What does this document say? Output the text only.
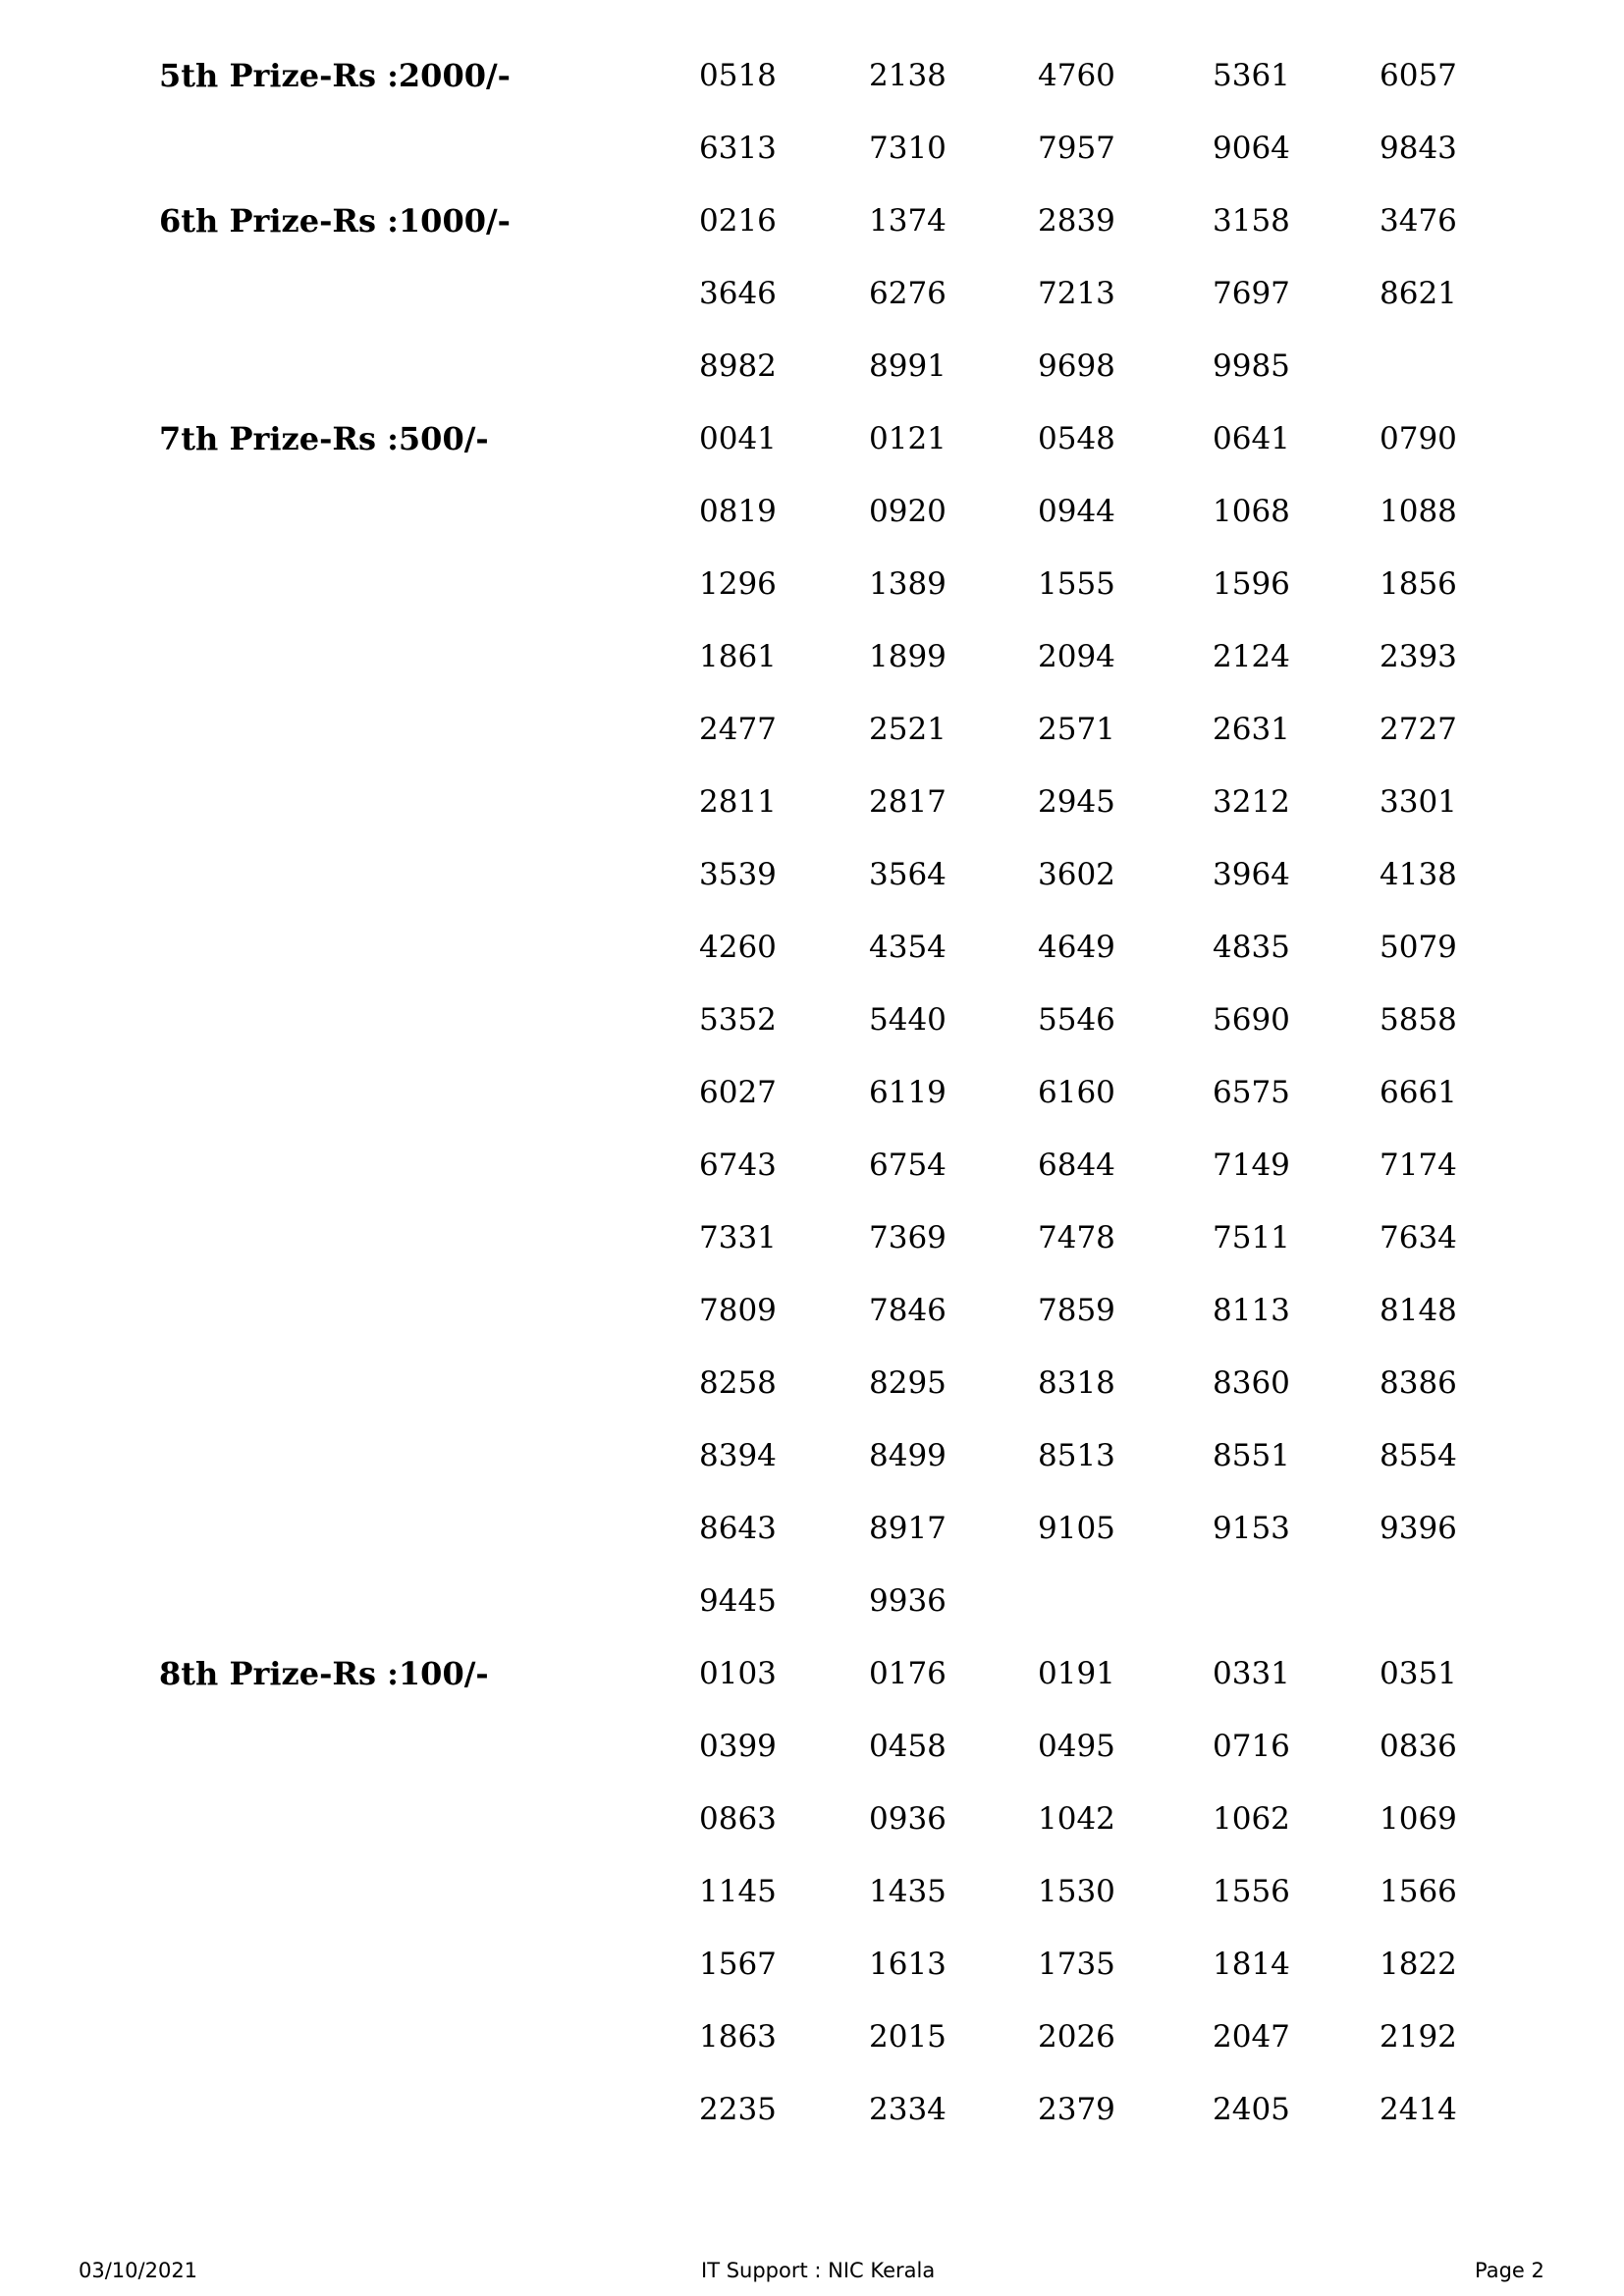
5th Prize-Rs :2000/-	0518	2138	4760	5361	6057
6313	7310	7957	9064	9843
6th Prize-Rs :1000/-	0216	1374	2839	3158	3476
3646	6276	7213	7697	8621
8982	8991	9698	9985
7th Prize-Rs :500/-	0041	0121	0548	0641	0790
0819	0920	0944	1068	1088
1296	1389	1555	1596	1856
1861	1899	2094	2124	2393
2477	2521	2571	2631	2727
2811	2817	2945	3212	3301
3539	3564	3602	3964	4138
4260	4354	4649	4835	5079
5352	5440	5546	5690	5858
6027	6119	6160	6575	6661
6743	6754	6844	7149	7174
7331	7369	7478	7511	7634
7809	7846	7859	8113	8148
8258	8295	8318	8360	8386
8394	8499	8513	8551	8554
8643	8917	9105	9153	9396
9445	9936
8th Prize-Rs :100/-	0103	0176	0191	0331	0351
0399	0458	0495	0716	0836
0863	0936	1042	1062	1069
1145	1435	1530	1556	1566
1567	1613	1735	1814	1822
1863	2015	2026	2047	2192
2235	2334	2379	2405	2414
03/10/2021	IT Support : NIC Kerala	Page 2
